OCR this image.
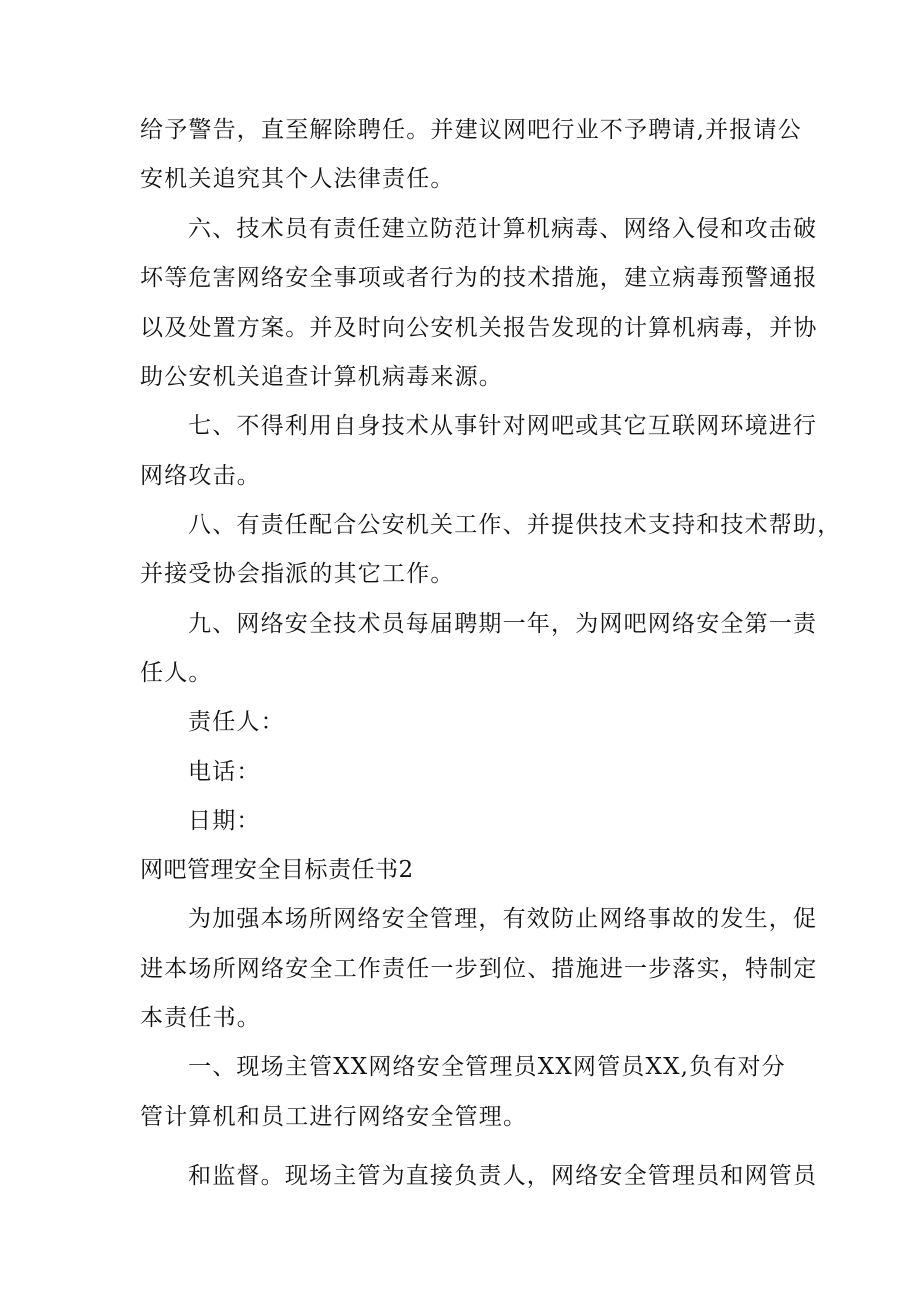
给予警告，直至解除聘任。并建议网吧行业不予聘请,并报请公
安机关追究其个人法律责任。
六、技术员有责任建立防范计算机病毒、网络入侵和攻击破
坏等危害网络安全事项或者行为的技术措施，建立病毒预警通报
以及处置方案。并及时向公安机关报告发现的计算机病毒，并协
助公安机关追查计算机病毒来源。
七、不得利用自身技术从事针对网吧或其它互联网环境进行
网络攻击。
八、有责任配合公安机关工作、并提供技术支持和技术帮助，
并接受协会指派的其它工作。
九、网络安全技术员每届聘期一年，为网吧网络安全第一责
任人。
责任人：
电话：
日期：
网吧管理安全目标责任书2
为加强本场所网络安全管理，有效防止网络事故的发生，促
进本场所网络安全工作责任一步到位、措施进一步落实，特制定
本责任书。
一、现场主管XX网络安全管理员XX网管员XX,负有对分
管计算机和员工进行网络安全管理。
和监督。现场主管为直接负责人，网络安全管理员和网管员
